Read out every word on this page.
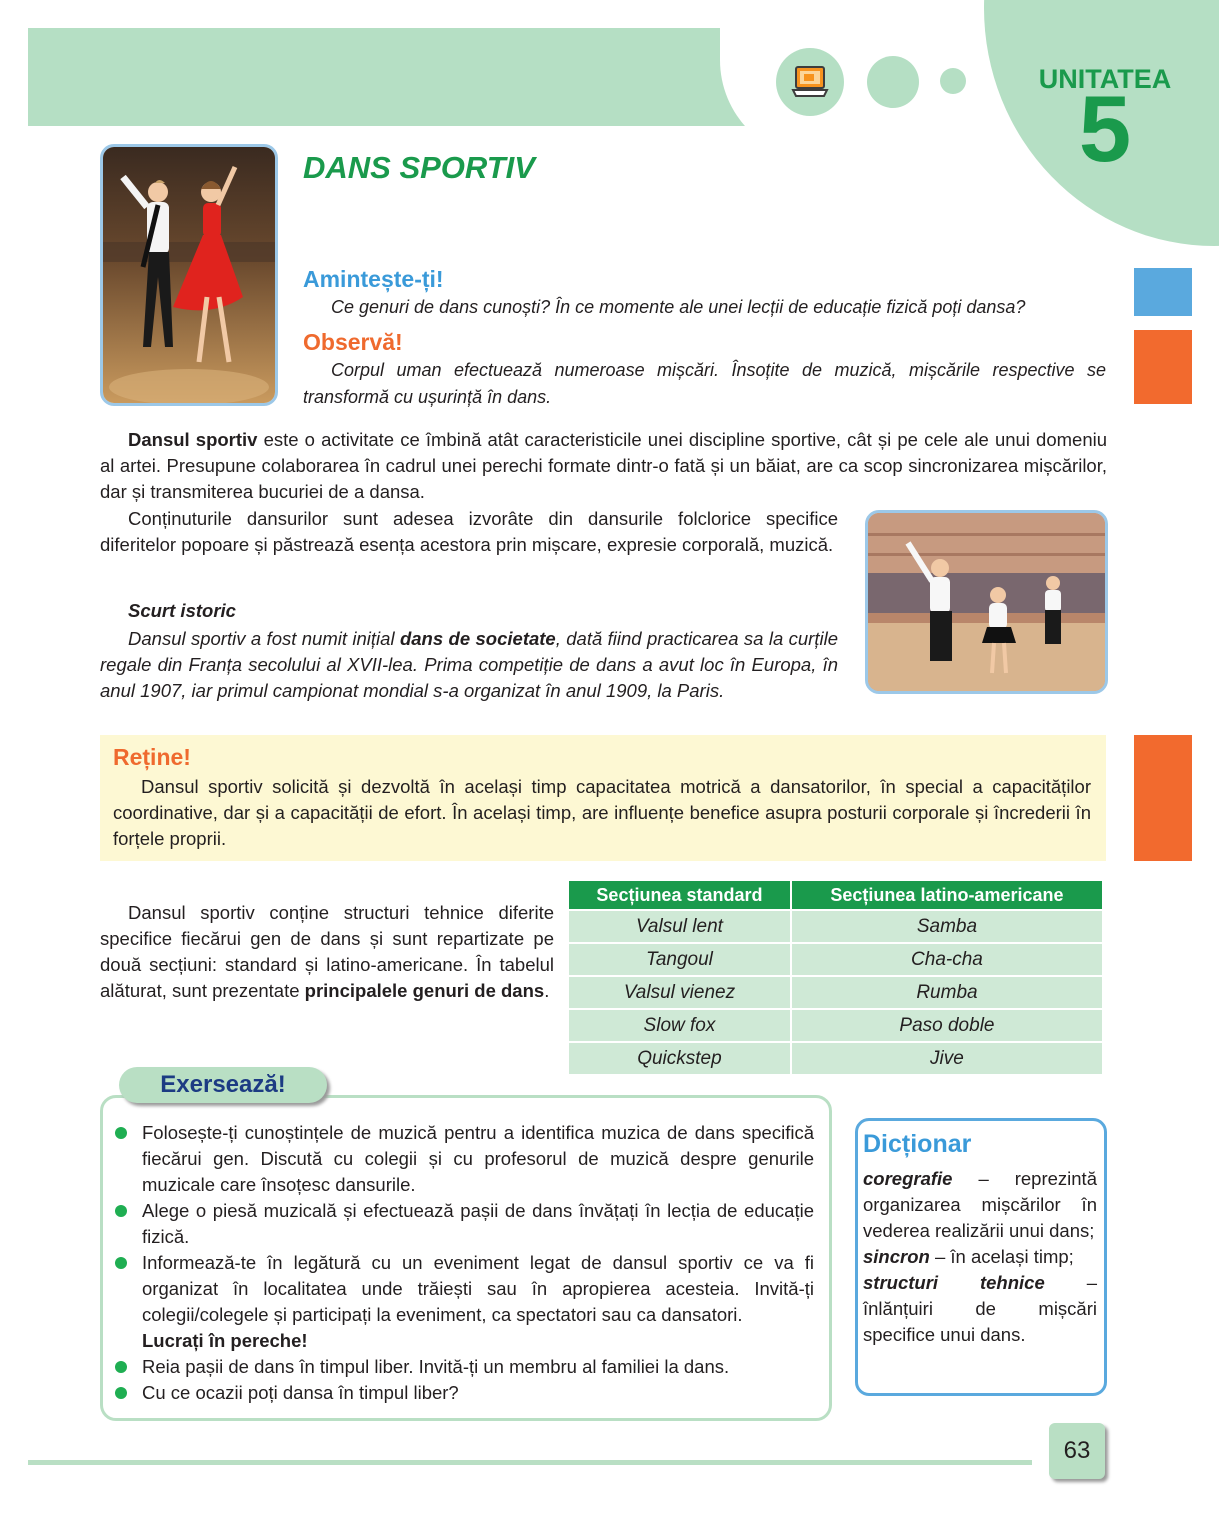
UNITATEA
5
DANS SPORTIV
Amintește-ți!
Ce genuri de dans cunoști? În ce momente ale unei lecții de educație fizică poți dansa?
Observă!
Corpul uman efectuează numeroase mișcări. Însoțite de muzică, mișcările respective se transformă cu ușurință în dans.
Dansul sportiv este o activitate ce îmbină atât caracteristicile unei discipline sportive, cât și pe cele ale unui domeniu al artei. Presupune colaborarea în cadrul unei perechi formate dintr-o fată și un băiat, are ca scop sincronizarea mișcărilor, dar și transmiterea bucuriei de a dansa.
Conținuturile dansurilor sunt adesea izvorâte din dansurile folclorice specifice diferitelor popoare și păstrează esența acestora prin mișcare, expresie corporală, muzică.
Scurt istoric
Dansul sportiv a fost numit inițial dans de societate, dată fiind practicarea sa la curțile regale din Franța secolului al XVII-lea. Prima competiție de dans a avut loc în Europa, în anul 1907, iar primul campionat mondial s-a organizat în anul 1909, la Paris.
Reține!
Dansul sportiv solicită și dezvoltă în același timp capacitatea motrică a dansatorilor, în special a capacităților coordinative, dar și a capacității de efort. În același timp, are influențe benefice asupra posturii corporale și încrederii în forțele proprii.
Dansul sportiv conține structuri tehnice diferite specifice fiecărui gen de dans și sunt repartizate pe două secțiuni: standard și latino-americane. În tabelul alăturat, sunt prezentate principalele genuri de dans.
Secțiunea standard	Secțiunea latino-americane
Valsul lent	Samba
Tangoul	Cha-cha
Valsul vienez	Rumba
Slow fox	Paso doble
Quickstep	Jive
Exersează!
Folosește-ți cunoștințele de muzică pentru a identifica muzica de dans specifică fiecărui gen. Discută cu colegii și cu profesorul de muzică despre genurile muzicale care însoțesc dansurile.
Alege o piesă muzicală și efectuează pașii de dans învățați în lecția de educație fizică.
Informează-te în legătură cu un eveniment legat de dansul sportiv ce va fi organizat în localitatea unde trăiești sau în apropierea acesteia. Invită-ți colegii/colegele și participați la eveniment, ca spectatori sau ca dansatori.
Lucrați în pereche!
Reia pașii de dans în timpul liber. Invită-ți un membru al familiei la dans.
Cu ce ocazii poți dansa în timpul liber?
Dicționar
coregrafie – reprezintă organizarea mișcărilor în vederea realizării unui dans;
sincron – în același timp;
structuri tehnice – înlănțuiri de mișcări specifice unui dans.
63
